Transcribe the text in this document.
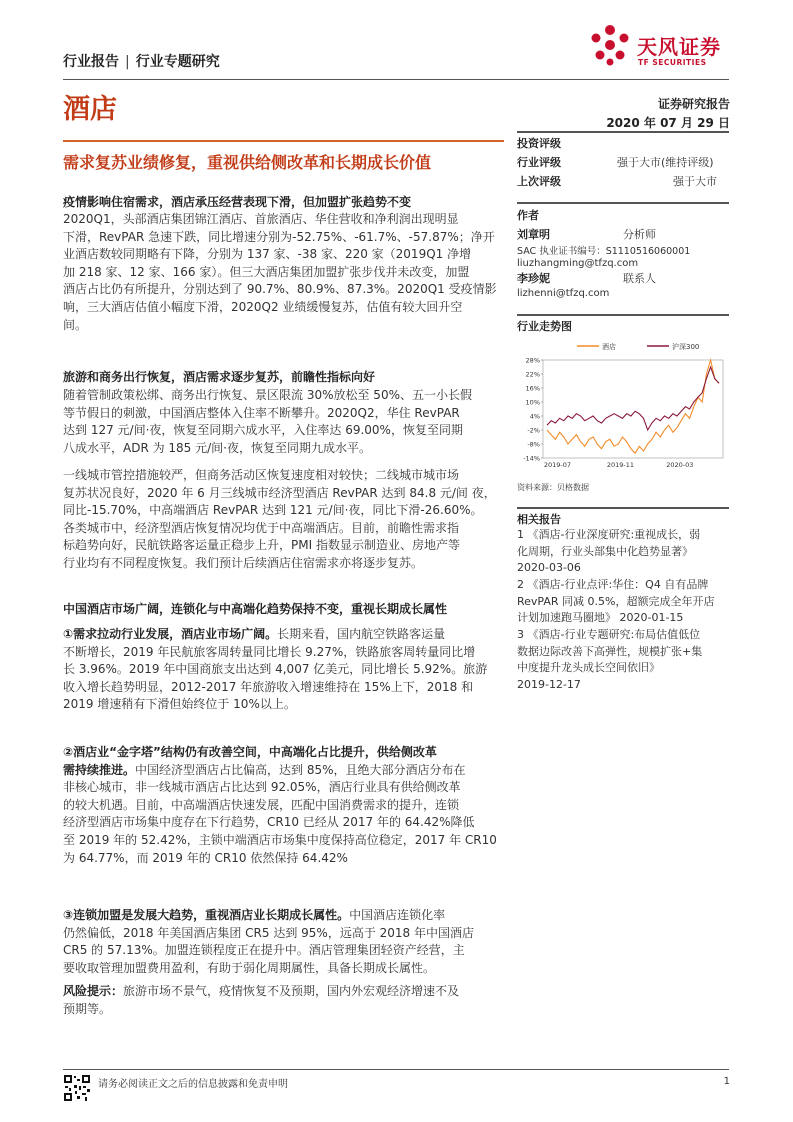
行业报告 | 行业专题研究
天风证券
TF SECURITIES
酒店	证券研究报告
2020 年 07 月 29 日
需求复苏业绩修复，重视供给侧改革和长期成长价值
疫情影响住宿需求，酒店承压经营表现下滑，但加盟扩张趋势不变
2020Q1，头部酒店集团锦江酒店、首旅酒店、华住营收和净利润出现明显
下滑，RevPAR 急速下跌，同比增速分别为-52.75%、-61.7%、-57.87%；净开
业酒店数较同期略有下降，分别为 137 家、-38 家、220 家（2019Q1 净增
加 218 家、12 家、166 家）。但三大酒店集团加盟扩张步伐并未改变，加盟
酒店占比仍有所提升，分别达到了 90.7%、80.9%、87.3%。2020Q1 受疫情影
响，三大酒店估值小幅度下滑，2020Q2 业绩缓慢复苏，估值有较大回升空
间。
旅游和商务出行恢复，酒店需求逐步复苏，前瞻性指标向好
随着管制政策松绑、商务出行恢复、景区限流 30%放松至 50%、五一小长假
等节假日的刺激，中国酒店整体入住率不断攀升。2020Q2，华住 RevPAR
达到 127 元/间·夜，恢复至同期六成水平，入住率达 69.00%，恢复至同期
八成水平，ADR 为 185 元/间·夜，恢复至同期九成水平。
一线城市管控措施较严，但商务活动区恢复速度相对较快；二线城市城市场
复苏状况良好，2020 年 6 月三线城市经济型酒店 RevPAR 达到 84.8 元/间 夜，
同比-15.70%，中高端酒店 RevPAR 达到 121 元/间·夜，同比下滑-26.60%。
各类城市中，经济型酒店恢复情况均优于中高端酒店。目前，前瞻性需求指
标趋势向好，民航铁路客运量正稳步上升，PMI 指数显示制造业、房地产等
行业均有不同程度恢复。我们预计后续酒店住宿需求亦将逐步复苏。
中国酒店市场广阔，连锁化与中高端化趋势保持不变，重视长期成长属性
①需求拉动行业发展，酒店业市场广阔。长期来看，国内航空铁路客运量
不断增长，2019 年民航旅客周转量同比增长 9.27%，铁路旅客周转量同比增
长 3.96%。2019 年中国商旅支出达到 4,007 亿美元，同比增长 5.92%。旅游
收入增长趋势明显，2012-2017 年旅游收入增速维持在 15%上下，2018 和
2019 增速稍有下滑但始终位于 10%以上。
②酒店业“金字塔”结构仍有改善空间，中高端化占比提升，供给侧改革
需持续推进。中国经济型酒店占比偏高，达到 85%，且绝大部分酒店分布在
非核心城市，非一线城市酒店占比达到 92.05%，酒店行业具有供给侧改革
的较大机遇。目前，中高端酒店快速发展，匹配中国消费需求的提升，连锁
经济型酒店市场集中度存在下行趋势，CR10 已经从 2017 年的 64.42%降低
至 2019 年的 52.42%，主锁中端酒店市场集中度保持高位稳定，2017 年 CR10
为 64.77%，而 2019 年的 CR10 依然保持 64.42%
③连锁加盟是发展大趋势，重视酒店业长期成长属性。中国酒店连锁化率
仍然偏低，2018 年美国酒店集团 CR5 达到 95%，远高于 2018 年中国酒店
CR5 的 57.13%。加盟连锁程度正在提升中。酒店管理集团轻资产经营，主
要收取管理加盟费用盈利，有助于弱化周期属性，具备长期成长属性。
风险提示：旅游市场不景气，疫情恢复不及预期，国内外宏观经济增速不及
预期等。
投资评级
行业评级	强于大市(维持评级)
上次评级	强于大市
作者
刘章明	分析师
SAC 执业证书编号：S1110516060001
liuzhangming@tfzq.com
李珍妮	联系人
lizhenni@tfzq.com
行业走势图
28%
22%
16%
10%
4%
-2%
-8%
-14%
2019-07	2019-11	2020-03
酒店	沪深300
资料来源：贝格数据
相关报告
1 《酒店-行业深度研究:重视成长，弱
化周期，行业头部集中化趋势显著》
2020-03-06
2 《酒店-行业点评:华住：Q4 自有品牌
RevPAR 同减 0.5%，超额完成全年开店
计划加速跑马圈地》 2020-01-15
3 《酒店-行业专题研究:布局估值低位
数据边际改善下高弹性，规模扩张+集
中度提升龙头成长空间依旧》
2019-12-17
请务必阅读正文之后的信息披露和免责申明	1
